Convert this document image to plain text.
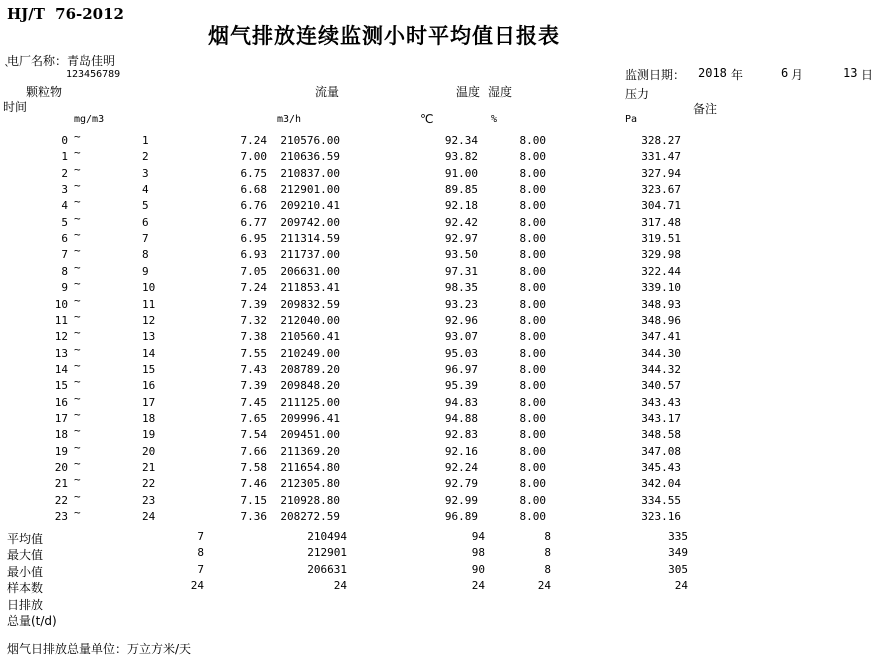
HJ/T 76-2012
烟气排放连续监测小时平均值日报表
电厂名称：青岛佳明
`	123456789	监测日期： 2018 年	6 月	13 日
颗粒物	流量	温度 湿度	压力
时间	备注
mg/m3	m3/h	℃	%	Pa
0 ~	1	7.24	210576.00	92.34	8.00	328.27
1 ~	2	7.00	210636.59	93.82	8.00	331.47
2 ~	3	6.75	210837.00	91.00	8.00	327.94
3 ~	4	6.68	212901.00	89.85	8.00	323.67
4 ~	5	6.76	209210.41	92.18	8.00	304.71
5 ~	6	6.77	209742.00	92.42	8.00	317.48
6 ~	7	6.95	211314.59	92.97	8.00	319.51
7 ~	8	6.93	211737.00	93.50	8.00	329.98
8 ~	9	7.05	206631.00	97.31	8.00	322.44
9 ~	10	7.24	211853.41	98.35	8.00	339.10
10 ~	11	7.39	209832.59	93.23	8.00	348.93
11 ~	12	7.32	212040.00	92.96	8.00	348.96
12 ~	13	7.38	210560.41	93.07	8.00	347.41
13 ~	14	7.55	210249.00	95.03	8.00	344.30
14 ~	15	7.43	208789.20	96.97	8.00	344.32
15 ~	16	7.39	209848.20	95.39	8.00	340.57
16 ~	17	7.45	211125.00	94.83	8.00	343.43
17 ~	18	7.65	209996.41	94.88	8.00	343.17
18 ~	19	7.54	209451.00	92.83	8.00	348.58
19 ~	20	7.66	211369.20	92.16	8.00	347.08
20 ~	21	7.58	211654.80	92.24	8.00	345.43
21 ~	22	7.46	212305.80	92.79	8.00	342.04
22 ~	23	7.15	210928.80	92.99	8.00	334.55
23 ~	24	7.36	208272.59	96.89	8.00	323.16
平均值	7	210494	94	8	335
最大值	8	212901	98	8	349
最小值	7	206631	90	8	305
样本数	24	24	24	24	24
日排放
总量(t/d)
烟气日排放总量单位：万立方米/天
